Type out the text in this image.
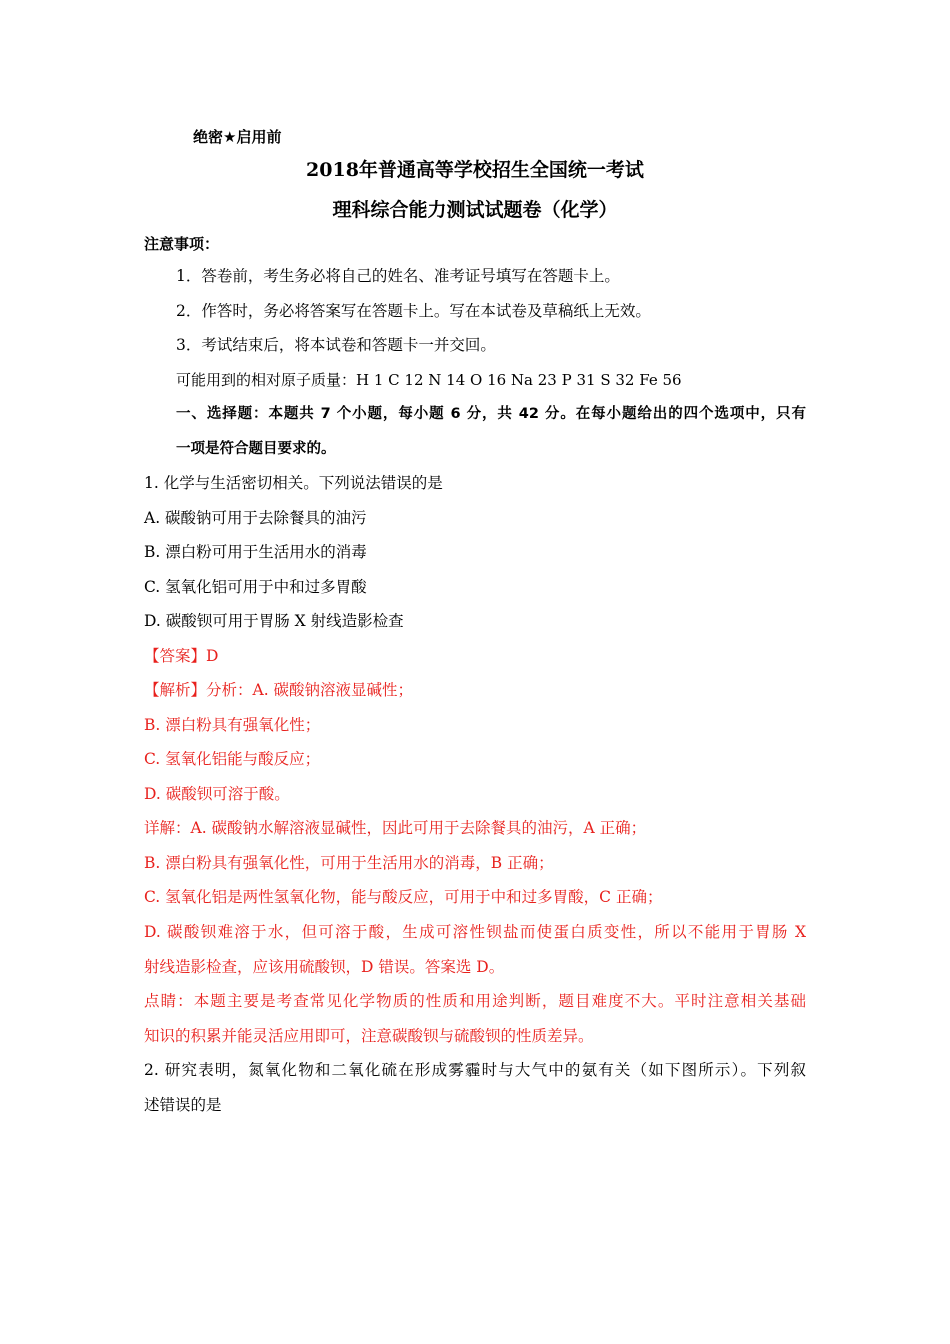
绝密★启用前
2018年普通高等学校招生全国统一考试
理科综合能力测试试题卷（化学）
注意事项：
1．答卷前，考生务必将自己的姓名、准考证号填写在答题卡上。
2．作答时，务必将答案写在答题卡上。写在本试卷及草稿纸上无效。
3．考试结束后，将本试卷和答题卡一并交回。
可能用到的相对原子质量：H 1 C 12 N 14 O 16 Na 23 P 31 S 32 Fe 56
一、选择题：本题共 7 个小题，每小题 6 分，共 42 分。在每小题给出的四个选项中，只有
一项是符合题目要求的。
1. 化学与生活密切相关。下列说法错误的是
A. 碳酸钠可用于去除餐具的油污
B. 漂白粉可用于生活用水的消毒
C. 氢氧化铝可用于中和过多胃酸
D. 碳酸钡可用于胃肠 X 射线造影检查
【答案】D
【解析】分析：A. 碳酸钠溶液显碱性；
B. 漂白粉具有强氧化性；
C. 氢氧化铝能与酸反应；
D. 碳酸钡可溶于酸。
详解：A. 碳酸钠水解溶液显碱性，因此可用于去除餐具的油污，A 正确；
B. 漂白粉具有强氧化性，可用于生活用水的消毒，B 正确；
C. 氢氧化铝是两性氢氧化物，能与酸反应，可用于中和过多胃酸，C 正确；
D. 碳酸钡难溶于水，但可溶于酸，生成可溶性钡盐而使蛋白质变性，所以不能用于胃肠 X
射线造影检查，应该用硫酸钡，D 错误。答案选 D。
点睛：本题主要是考查常见化学物质的性质和用途判断，题目难度不大。平时注意相关基础
知识的积累并能灵活应用即可，注意碳酸钡与硫酸钡的性质差异。
2. 研究表明，氮氧化物和二氧化硫在形成雾霾时与大气中的氨有关（如下图所示）。下列叙
述错误的是
